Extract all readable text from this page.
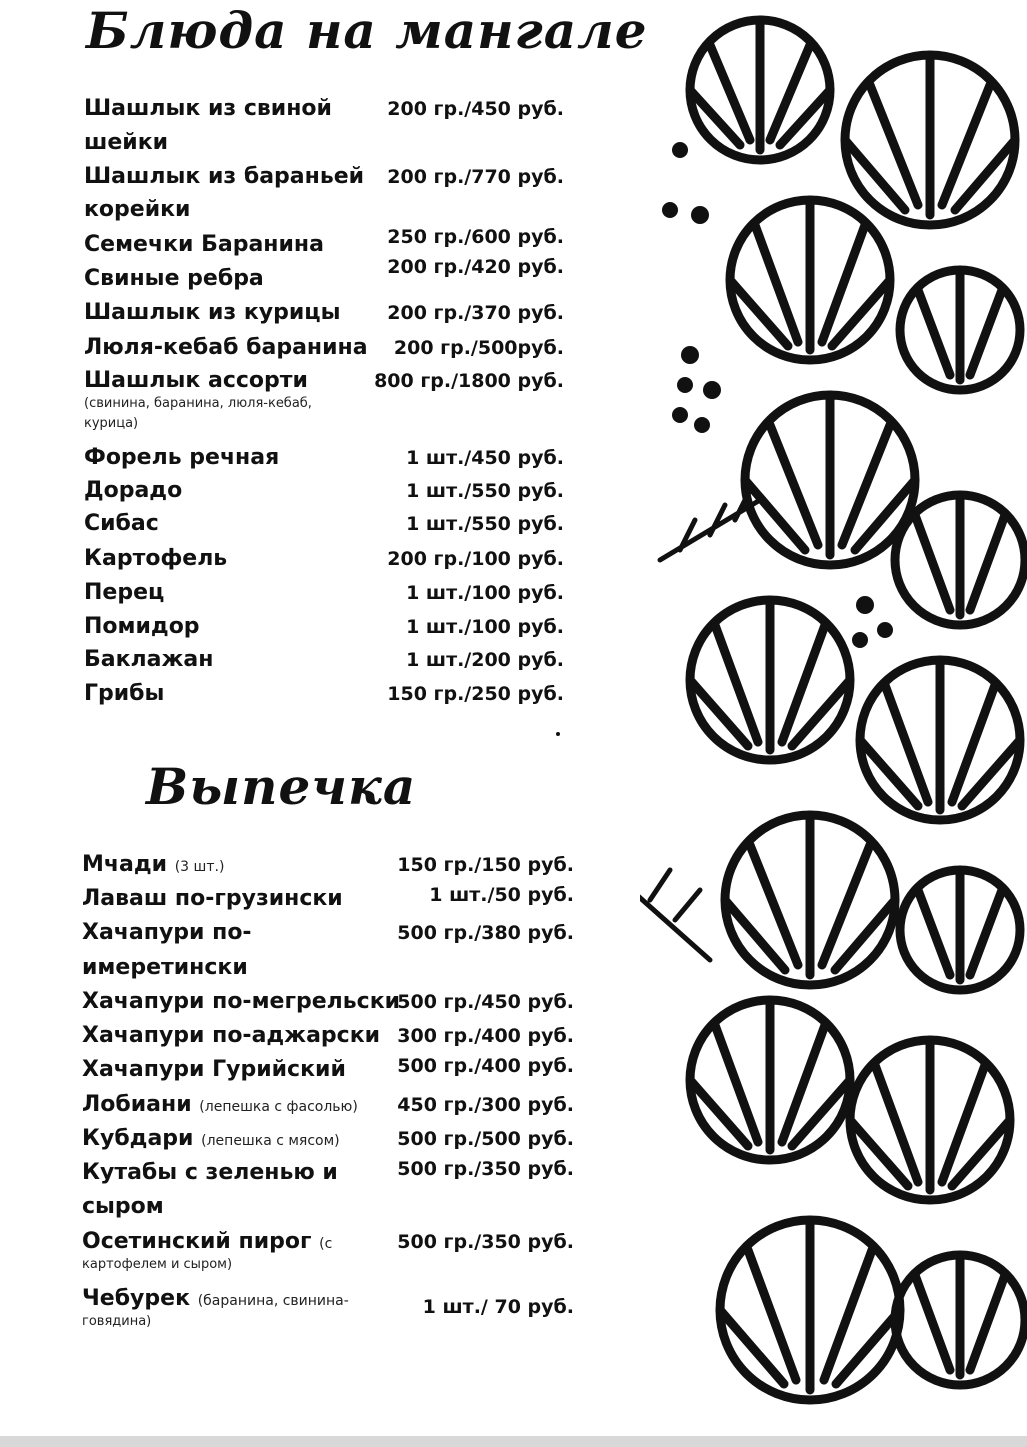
Блюда на мангале
Шашлык из свиной
шейки
200 гр./450 руб.
Шашлык из бараньей
корейки
200 гр./770 руб.
Семечки Баранина	250 гр./600 руб.
Свиные ребра	200 гр./420 руб.
Шашлык из курицы 200 гр./370 руб.
Люля-кебаб баранина 200 гр./500руб.
Шашлык ассорти
(свинина, баранина, люля-кебаб,
курица)
800 гр./1800 руб.
Форель речная	1 шт./450 руб.
Дорадо	1 шт./550 руб.
Сибас	1 шт./550 руб.
Картофель	200 гр./100 руб.
Перец	1 шт./100 руб.
Помидор	1 шт./100 руб.
Баклажан	1 шт./200 руб.
Грибы	150 гр./250 руб.
Выпечка
Мчади (3 шт.)	150 гр./150 руб.
Лаваш по-грузински	1 шт./50 руб.
Хачапури по-
имеретински
500 гр./380 руб.
Хачапури по-мегрельски
500 гр./450 руб.
Хачапури по-аджарски 300 гр./400 руб.
Хачапури Гурийский	500 гр./400 руб.
Лобиани (лепешка с фасолью) 450 гр./300 руб.
Кубдари (лепешка с мясом)	500 гр./500 руб.
Кутабы с зеленью и
сыром
500 гр./350 руб.
Осетинский пирог (с
картофелем и сыром)
500 гр./350 руб.
Чебурек (баранина, свинина-
говядина)
1 шт./ 70 руб.
